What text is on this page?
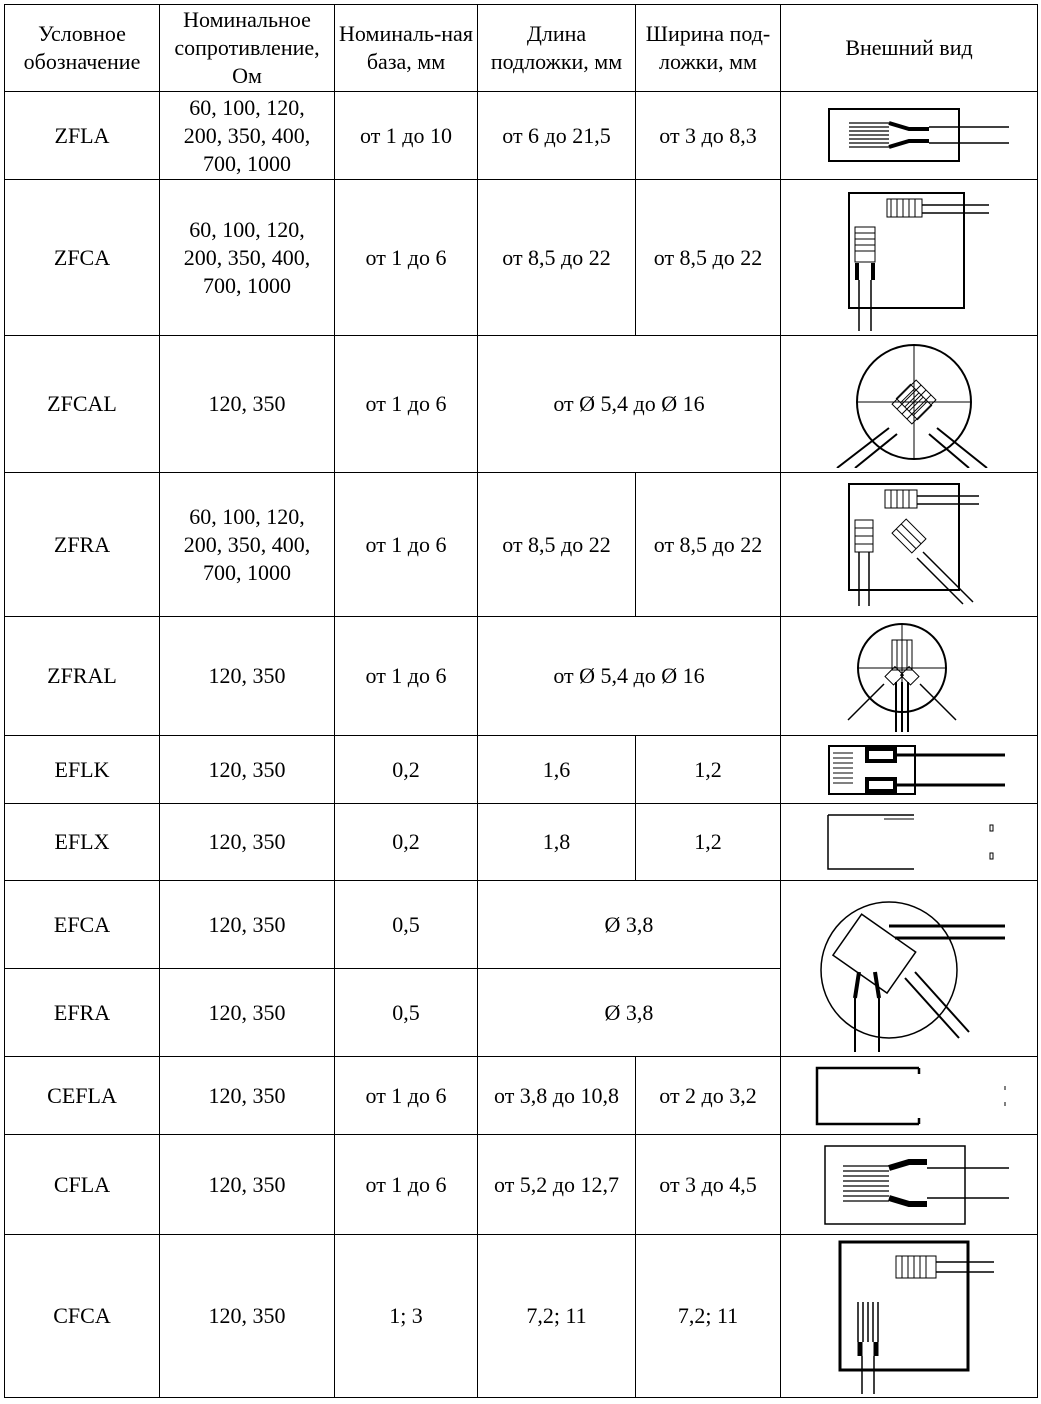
Условное обозначение	Номинальное сопротивление, Ом	Номиналь-ная база, мм	Длина подложки, мм	Ширина под-ложки, мм	Внешний вид
ZFLA	60, 100, 120,
200, 350, 400,
700, 1000	от 1 до 10	от 6 до 21,5	от 3 до 8,3	

ZFCA	60, 100, 120,
200, 350, 400,
700, 1000	от 1 до 6	от 8,5 до 22	от 8,5 до 22	

ZFCAL	120, 350	от 1 до 6	от Ø 5,4 до Ø 16	

ZFRA	60, 100, 120,
200, 350, 400,
700, 1000	от 1 до 6	от 8,5 до 22	от 8,5 до 22	

ZFRAL	120, 350	от 1 до 6	от Ø 5,4 до Ø 16	

EFLK	120, 350	0,2	1,6	1,2	

EFLX	120, 350	0,2	1,8	1,2	

EFCA	120, 350	0,5	Ø 3,8	

EFRA	120, 350	0,5	Ø 3,8		
CEFLA	120, 350	от 1 до 6	от 3,8 до 10,8	от 2 до 3,2	

CFLA	120, 350	от 1 до 6	от 5,2 до 12,7	от 3 до 4,5	

CFCA	120, 350	1; 3	7,2; 11	7,2; 11	
